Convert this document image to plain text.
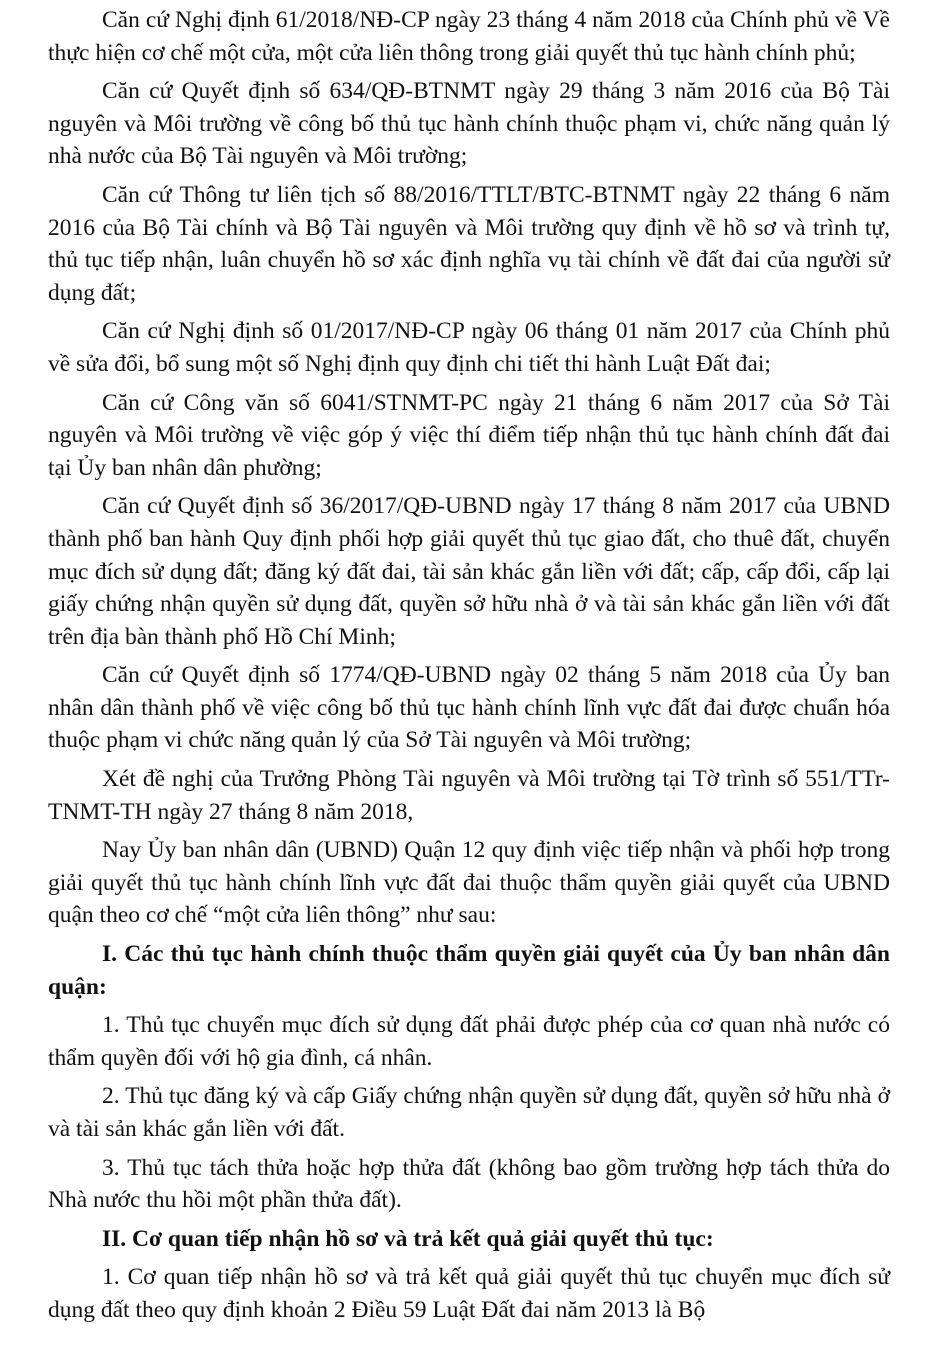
Căn cứ Nghị định 61/2018/NĐ-CP ngày 23 tháng 4 năm 2018 của Chính phủ về Về thực hiện cơ chế một cửa, một cửa liên thông trong giải quyết thủ tục hành chính phủ;

Căn cứ Quyết định số 634/QĐ-BTNMT ngày 29 tháng 3 năm 2016 của Bộ Tài nguyên và Môi trường về công bố thủ tục hành chính thuộc phạm vi, chức năng quản lý nhà nước của Bộ Tài nguyên và Môi trường;

Căn cứ Thông tư liên tịch số 88/2016/TTLT/BTC-BTNMT ngày 22 tháng 6 năm 2016 của Bộ Tài chính và Bộ Tài nguyên và Môi trường quy định về hồ sơ và trình tự, thủ tục tiếp nhận, luân chuyển hồ sơ xác định nghĩa vụ tài chính về đất đai của người sử dụng đất;

Căn cứ Nghị định số 01/2017/NĐ-CP ngày 06 tháng 01 năm 2017 của Chính phủ về sửa đổi, bổ sung một số Nghị định quy định chi tiết thi hành Luật Đất đai;

Căn cứ Công văn số 6041/STNMT-PC ngày 21 tháng 6 năm 2017 của Sở Tài nguyên và Môi trường về việc góp ý việc thí điểm tiếp nhận thủ tục hành chính đất đai tại Ủy ban nhân dân phường;

Căn cứ Quyết định số 36/2017/QĐ-UBND ngày 17 tháng 8 năm 2017 của UBND thành phố ban hành Quy định phối hợp giải quyết thủ tục giao đất, cho thuê đất, chuyển mục đích sử dụng đất; đăng ký đất đai, tài sản khác gắn liền với đất; cấp, cấp đổi, cấp lại giấy chứng nhận quyền sử dụng đất, quyền sở hữu nhà ở và tài sản khác gắn liền với đất trên địa bàn thành phố Hồ Chí Minh;

Căn cứ Quyết định số 1774/QĐ-UBND ngày 02 tháng 5 năm 2018 của Ủy ban nhân dân thành phố về việc công bố thủ tục hành chính lĩnh vực đất đai được chuẩn hóa thuộc phạm vi chức năng quản lý của Sở Tài nguyên và Môi trường;

Xét đề nghị của Trưởng Phòng Tài nguyên và Môi trường tại Tờ trình số 551/TTr-TNMT-TH ngày 27 tháng 8 năm 2018,

Nay Ủy ban nhân dân (UBND) Quận 12 quy định việc tiếp nhận và phối hợp trong giải quyết thủ tục hành chính lĩnh vực đất đai thuộc thẩm quyền giải quyết của UBND quận theo cơ chế “một cửa liên thông” như sau:

I. Các thủ tục hành chính thuộc thẩm quyền giải quyết của Ủy ban nhân dân quận:

1. Thủ tục chuyển mục đích sử dụng đất phải được phép của cơ quan nhà nước có thẩm quyền đối với hộ gia đình, cá nhân.

2. Thủ tục đăng ký và cấp Giấy chứng nhận quyền sử dụng đất, quyền sở hữu nhà ở và tài sản khác gắn liền với đất.

3. Thủ tục tách thửa hoặc hợp thửa đất (không bao gồm trường hợp tách thửa do Nhà nước thu hồi một phần thửa đất).

II. Cơ quan tiếp nhận hồ sơ và trả kết quả giải quyết thủ tục:

1. Cơ quan tiếp nhận hồ sơ và trả kết quả giải quyết thủ tục chuyển mục đích sử dụng đất theo quy định khoản 2 Điều 59 Luật Đất đai năm 2013 là Bộ
